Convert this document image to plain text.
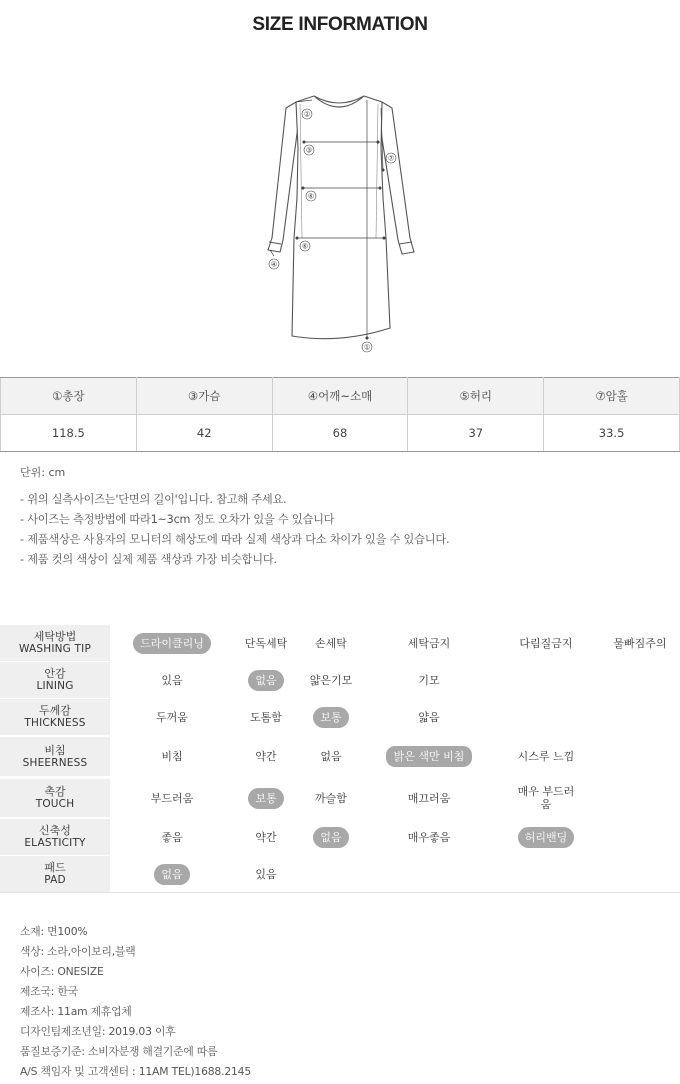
SIZE INFORMATION
②
③
⑥
⑥
④
⑦
①
①총장	③가슴	④어깨~소매	⑤허리	⑦암홀
118.5	42	68	37	33.5
단위: cm
- 위의 실측사이즈는'단면의 길이'입니다. 참고해 주세요.
- 사이즈는 측정방법에 따라1~3cm 정도 오차가 있을 수 있습니다
- 제품색상은 사용자의 모니터의 해상도에 따라 실제 색상과 다소 차이가 있을 수 있습니다.
- 제품 컷의 색상이 실제 제품 색상과 가장 비슷합니다.
세탁방법
WASHING TIP	드라이클리닝	단독세탁	손세탁	세탁금지	다림질금지	물빠짐주의
안감
LINING	있음	없음	얇은기모	기모
두께감
THICKNESS	두꺼움	도톰함	보통	얇음
비침
SHEERNESS	비침	약간	없음	밝은 색만 비침	시스루 느낌
촉감
TOUCH	부드러움	보통	까슬함	매끄러움	매우 부드러움
신축성
ELASTICITY	좋음	약간	없음	매우좋음	허리밴딩
패드
PAD	없음	있음
소재: 면100%
색상: 소라,아이보리,블랙
사이즈: ONESIZE
제조국: 한국
제조사: 11am 제휴업체
디자인팀제조년일: 2019.03 이후
품질보증기준: 소비자분쟁 해결기준에 따름
A/S 책임자 및 고객센터 : 11AM TEL)1688.2145
